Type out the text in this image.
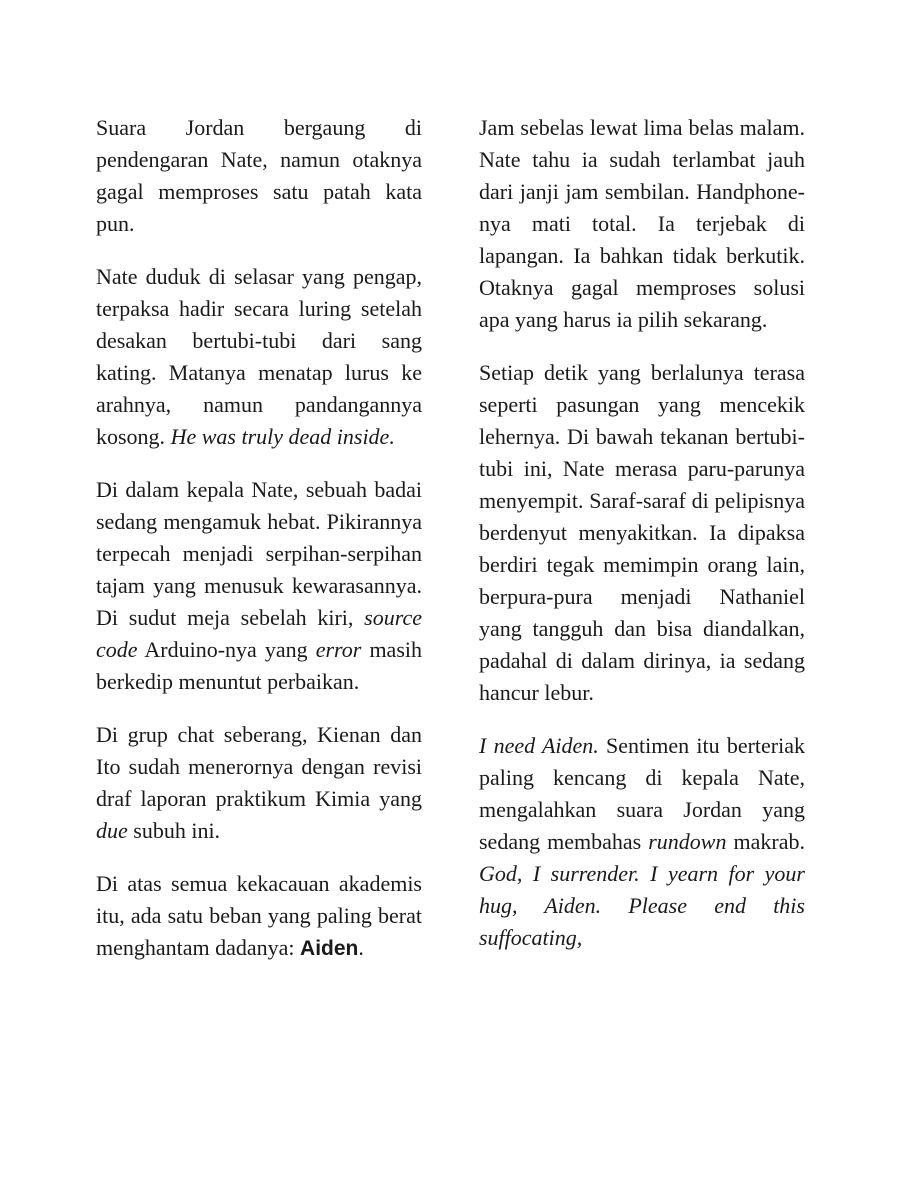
Suara Jordan bergaung di pendengaran Nate, namun otaknya gagal memproses satu patah kata pun.

Nate duduk di selasar yang pengap, terpaksa hadir secara luring setelah desakan bertubi-tubi dari sang kating. Matanya menatap lurus ke arahnya, namun pandangannya kosong. He was truly dead inside.

Di dalam kepala Nate, sebuah badai sedang mengamuk hebat. Pikirannya terpecah menjadi serpihan-serpihan tajam yang menusuk kewarasannya. Di sudut meja sebelah kiri, source code Arduino-nya yang error masih berkedip menuntut perbaikan.

Di grup chat seberang, Kienan dan Ito sudah menerornya dengan revisi draf laporan praktikum Kimia yang due subuh ini.

Di atas semua kekacauan akademis itu, ada satu beban yang paling berat menghantam dadanya: Aiden.

Jam sebelas lewat lima belas malam. Nate tahu ia sudah terlambat jauh dari janji jam sembilan. Handphone-nya mati total. Ia terjebak di lapangan. Ia bahkan tidak berkutik. Otaknya gagal memproses solusi apa yang harus ia pilih sekarang.

Setiap detik yang berlalunya terasa seperti pasungan yang mencekik lehernya. Di bawah tekanan bertubi-tubi ini, Nate merasa paru-parunya menyempit. Saraf-saraf di pelipisnya berdenyut menyakitkan. Ia dipaksa berdiri tegak memimpin orang lain, berpura-pura menjadi Nathaniel yang tangguh dan bisa diandalkan, padahal di dalam dirinya, ia sedang hancur lebur.

I need Aiden. Sentimen itu berteriak paling kencang di kepala Nate, mengalahkan suara Jordan yang sedang membahas rundown makrab. God, I surrender. I yearn for your hug, Aiden. Please end this suffocating,
